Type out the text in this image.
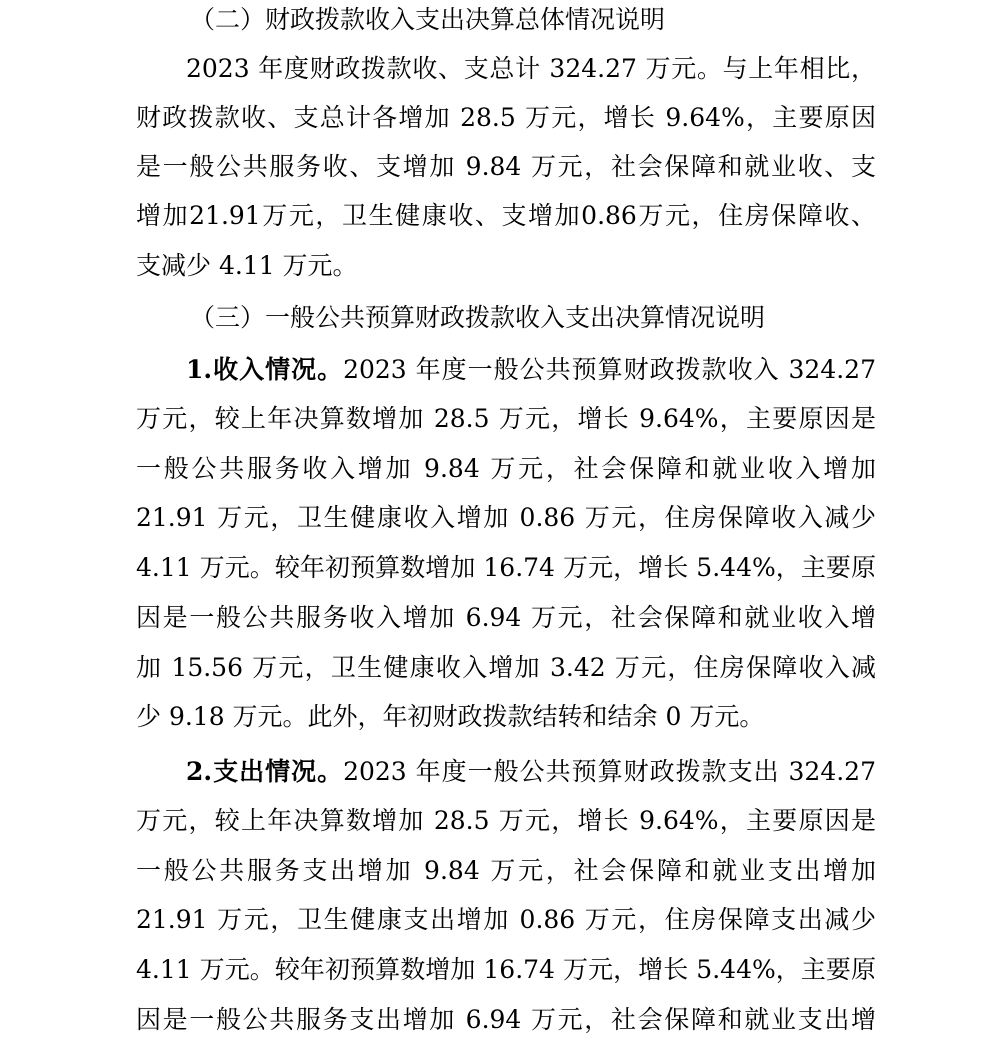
（二）财政拨款收入支出决算总体情况说明
2023 年度财政拨款收、支总计 324.27 万元。与上年相比，
财政拨款收、支总计各增加 28.5 万元，增长 9.64%，主要原因
是一般公共服务收、支增加 9.84 万元，社会保障和就业收、支
增加21.91万元，卫生健康收、支增加0.86万元，住房保障收、
支减少 4.11 万元。
（三）一般公共预算财政拨款收入支出决算情况说明
1.收入情况。2023 年度一般公共预算财政拨款收入 324.27
万元，较上年决算数增加 28.5 万元，增长 9.64%，主要原因是
一般公共服务收入增加 9.84 万元，社会保障和就业收入增加
21.91 万元，卫生健康收入增加 0.86 万元，住房保障收入减少
4.11 万元。较年初预算数增加 16.74 万元，增长 5.44%，主要原
因是一般公共服务收入增加 6.94 万元，社会保障和就业收入增
加 15.56 万元，卫生健康收入增加 3.42 万元，住房保障收入减
少 9.18 万元。此外，年初财政拨款结转和结余 0 万元。
2.支出情况。2023 年度一般公共预算财政拨款支出 324.27
万元，较上年决算数增加 28.5 万元，增长 9.64%，主要原因是
一般公共服务支出增加 9.84 万元，社会保障和就业支出增加
21.91 万元，卫生健康支出增加 0.86 万元，住房保障支出减少
4.11 万元。较年初预算数增加 16.74 万元，增长 5.44%，主要原
因是一般公共服务支出增加 6.94 万元，社会保障和就业支出增
